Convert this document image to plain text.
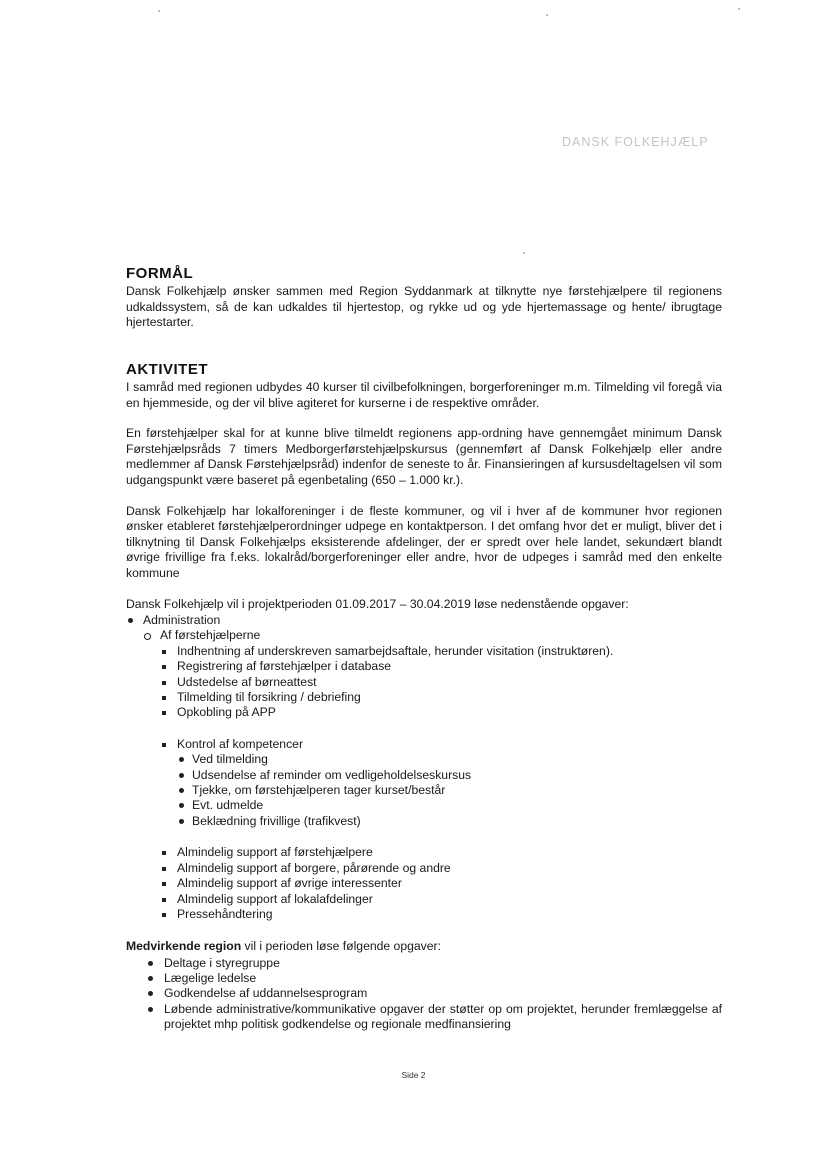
DANSK FOLKEHJÆLP
FORMÅL

Dansk Folkehjælp ønsker sammen med Region Syddanmark at tilknytte nye førstehjælpere til regionens udkaldssystem, så de kan udkaldes til hjertestop, og rykke ud og yde hjertemassage og hente/ ibrugtage hjertestarter.

AKTIVITET

I samråd med regionen udbydes 40 kurser til civilbefolkningen, borgerforeninger m.m. Tilmelding vil foregå via en hjemmeside, og der vil blive agiteret for kurserne i de respektive områder.

En førstehjælper skal for at kunne blive tilmeldt regionens app-ordning have gennemgået minimum Dansk Førstehjælpsråds 7 timers Medborgerførstehjælpskursus (gennemført af Dansk Folkehjælp eller andre medlemmer af Dansk Førstehjælpsråd) indenfor de seneste to år. Finansieringen af kursusdeltagelsen vil som udgangspunkt være baseret på egenbetaling (650 – 1.000 kr.).

Dansk Folkehjælp har lokalforeninger i de fleste kommuner, og vil i hver af de kommuner hvor regionen ønsker etableret førstehjælperordninger udpege en kontaktperson. I det omfang hvor det er muligt, bliver det i tilknytning til Dansk Folkehjælps eksisterende afdelinger, der er spredt over hele landet, sekundært blandt øvrige frivillige fra f.eks. lokalråd/borgerforeninger eller andre, hvor de udpeges i samråd med den enkelte kommune

Dansk Folkehjælp vil i projektperioden 01.09.2017 – 30.04.2019 løse nedenstående opgaver:

Administration
Af førstehjælperne
Indhentning af underskreven samarbejdsaftale, herunder visitation (instruktøren).
Registrering af førstehjælper i database
Udstedelse af børneattest
Tilmelding til forsikring / debriefing
Opkobling på APP
Kontrol af kompetencer
Ved tilmelding
Udsendelse af reminder om vedligeholdelseskursus
Tjekke, om førstehjælperen tager kurset/består
Evt. udmelde
Beklædning frivillige (trafikvest)
Almindelig support af førstehjælpere
Almindelig support af borgere, pårørende og andre
Almindelig support af øvrige interessenter
Almindelig support af lokalafdelinger
Pressehåndtering

Medvirkende region vil i perioden løse følgende opgaver:

Deltage i styregruppe
Lægelige ledelse
Godkendelse af uddannelsesprogram
Løbende administrative/kommunikative opgaver der støtter op om projektet, herunder fremlæggelse af projektet mhp politisk godkendelse og regionale medfinansiering
Side 2
